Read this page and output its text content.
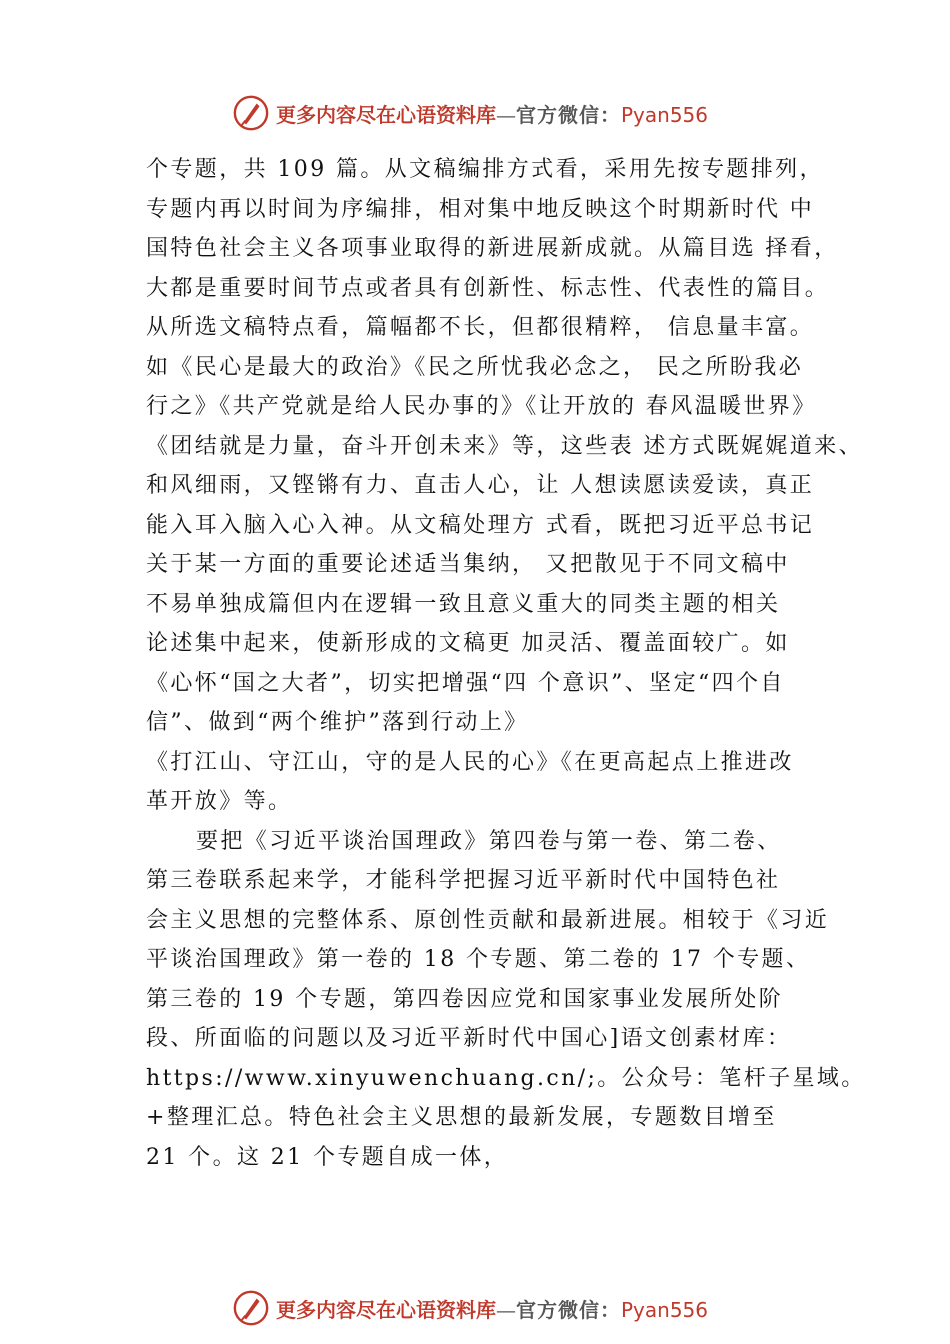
更多内容尽在心语资料库—官方微信：Pyan556
个专题，共 109 篇。从文稿编排方式看，采用先按专题排列，
专题内再以时间为序编排，相对集中地反映这个时期新时代 中
国特色社会主义各项事业取得的新进展新成就。从篇目选 择看，
大都是重要时间节点或者具有创新性、标志性、代表性的篇目。
从所选文稿特点看，篇幅都不长，但都很精粹， 信息量丰富。
如《民心是最大的政治》《民之所忧我必念之， 民之所盼我必
行之》《共产党就是给人民办事的》《让开放的 春风温暖世界》
《团结就是力量，奋斗开创未来》等，这些表 述方式既娓娓道来、
和风细雨，又铿锵有力、直击人心，让 人想读愿读爱读，真正
能入耳入脑入心入神。从文稿处理方 式看，既把习近平总书记
关于某一方面的重要论述适当集纳， 又把散见于不同文稿中
不易单独成篇但内在逻辑一致且意义重大的同类主题的相关
论述集中起来，使新形成的文稿更 加灵活、覆盖面较广。如
《心怀“国之大者”，切实把增强“四 个意识”、坚定“四个自
信”、做到“两个维护”落到行动上》
《打江山、守江山，守的是人民的心》《在更高起点上推进改
革开放》等。
要把《习近平谈治国理政》第四卷与第一卷、第二卷、
第三卷联系起来学，才能科学把握习近平新时代中国特色社
会主义思想的完整体系、原创性贡献和最新进展。相较于《习近
平谈治国理政》第一卷的 18 个专题、第二卷的 17 个专题、
第三卷的 19 个专题，第四卷因应党和国家事业发展所处阶
段、所面临的问题以及习近平新时代中国心]语文创素材库：
https://www.xinyuwenchuang.cn/;。公众号：笔杆子星域。
+整理汇总。特色社会主义思想的最新发展，专题数目增至
21 个。这 21 个专题自成一体，
更多内容尽在心语资料库—官方微信：Pyan556
